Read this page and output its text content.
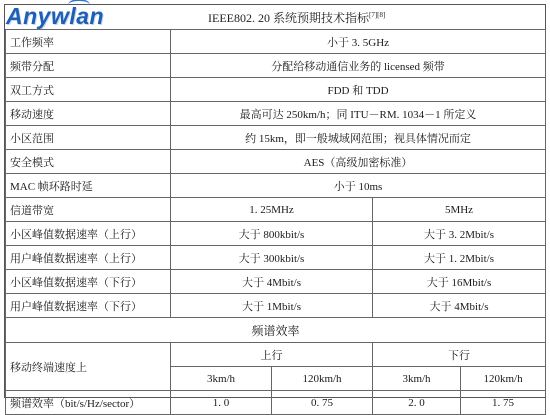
Anywlan	IEEE802. 20 系统预期技术指标[7][8]
工作频率	小于 3. 5GHz			
频带分配	分配给移动通信业务的 licensed 频带			
双工方式	FDD 和 TDD			
移动速度	最高可达 250km/h；同 ITU－RM. 1034－1 所定义			
小区范围	约 15km，即一般城域网范围；视具体情况而定			
安全模式	AES（高级加密标准）			
MAC 帧环路时延	小于 10ms			
信道带宽	1. 25MHz		5MHz	
小区峰值数据速率（上行）	大于 800kbit/s		大于 3. 2Mbit/s	
用户峰值数据速率（上行）	大于 300kbit/s		大于 1. 2Mbit/s	
小区峰值数据速率（下行）	大于 4Mbit/s		大于 16Mbit/s	
用户峰值数据速率（下行）	大于 1Mbit/s		大于 4Mbit/s	
频谱效率				
移动终端速度上	上行		下行	
	3km/h	120km/h	3km/h	120km/h
频谱效率（bit/s/Hz/sector）	1. 0	0. 75	2. 0	1. 75
